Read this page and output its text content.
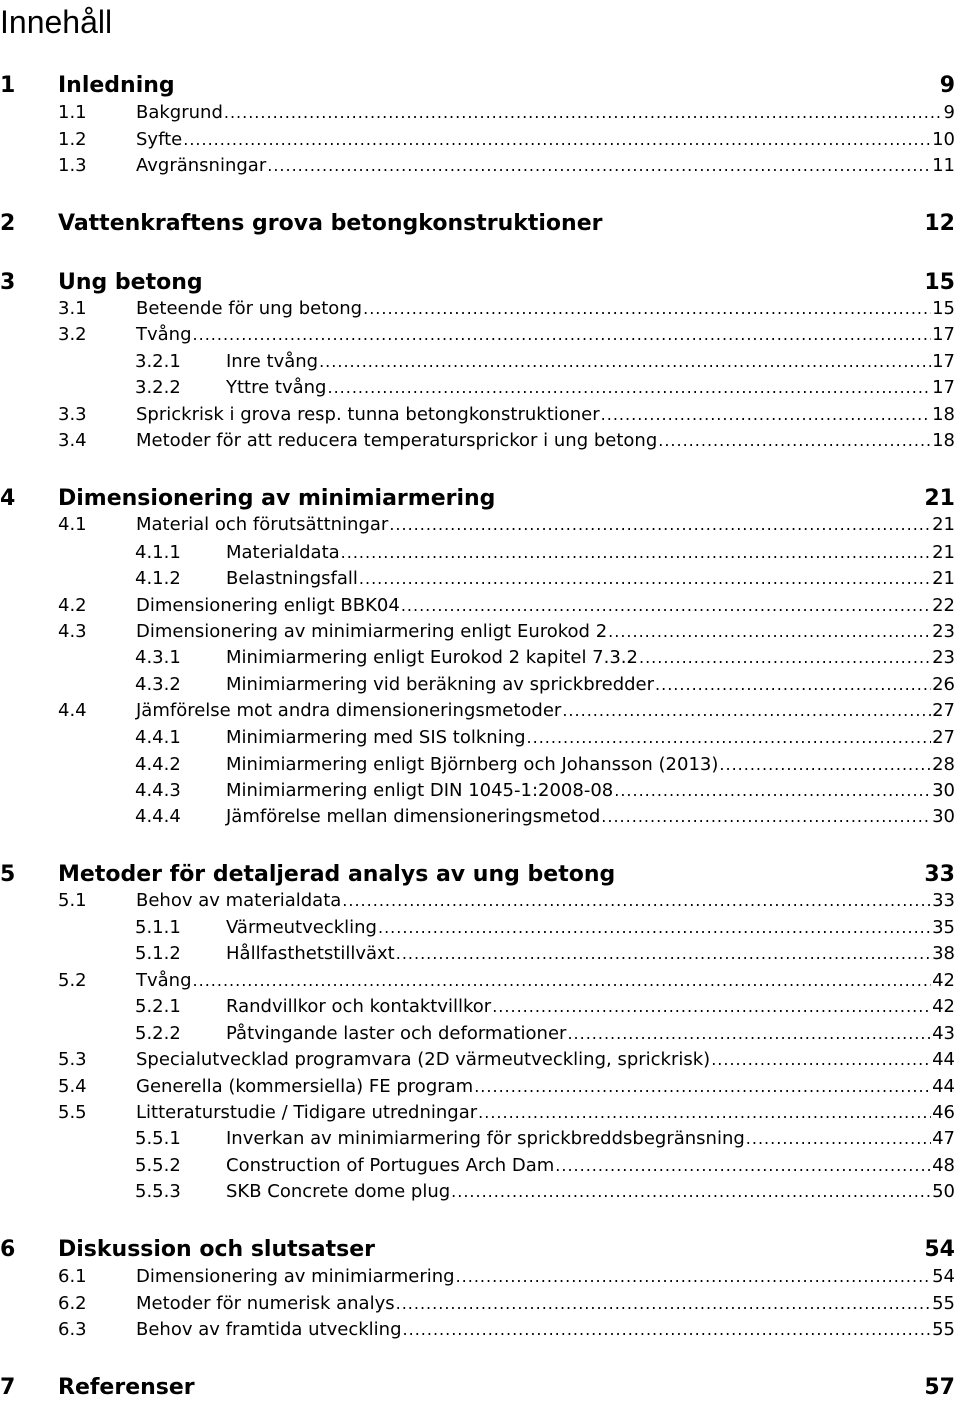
Innehåll
1	Inledning	9
1.1	Bakgrund .....	9
1.2	Syfte .....	10
1.3	Avgränsningar .....	11
2	Vattenkraftens grova betongkonstruktioner	12
3	Ung betong	15
3.1	Beteende för ung betong .....	15
3.2	Tvång .....	17
3.2.1	Inre tvång .....	17
3.2.2	Yttre tvång .....	17
3.3	Sprickrisk i grova resp. tunna betongkonstruktioner .....	18
3.4	Metoder för att reducera temperatursprickor i ung betong .....	18
4	Dimensionering av minimiarmering	21
4.1	Material och förutsättningar .....	21
4.1.1	Materialdata .....	21
4.1.2	Belastningsfall .....	21
4.2	Dimensionering enligt BBK04 .....	22
4.3	Dimensionering av minimiarmering enligt Eurokod 2 .....	23
4.3.1	Minimiarmering enligt Eurokod 2 kapitel 7.3.2 .....	23
4.3.2	Minimiarmering vid beräkning av sprickbredder .....	26
4.4	Jämförelse mot andra dimensioneringsmetoder .....	27
4.4.1	Minimiarmering med SIS tolkning .....	27
4.4.2	Minimiarmering enligt Björnberg och Johansson (2013) .....	28
4.4.3	Minimiarmering enligt DIN 1045-1:2008-08 .....	30
4.4.4	Jämförelse mellan dimensioneringsmetod .....	30
5	Metoder för detaljerad analys av ung betong	33
5.1	Behov av materialdata .....	33
5.1.1	Värmeutveckling .....	35
5.1.2	Hållfasthetstillväxt .....	38
5.2	Tvång .....	42
5.2.1	Randvillkor och kontaktvillkor .....	42
5.2.2	Påtvingande laster och deformationer .....	43
5.3	Specialutvecklad programvara (2D värmeutveckling, sprickrisk) .....	44
5.4	Generella (kommersiella) FE program .....	44
5.5	Litteraturstudie / Tidigare utredningar .....	46
5.5.1	Inverkan av minimiarmering för sprickbreddsbegränsning .....	47
5.5.2	Construction of Portugues Arch Dam .....	48
5.5.3	SKB Concrete dome plug .....	50
6	Diskussion och slutsatser	54
6.1	Dimensionering av minimiarmering .....	54
6.2	Metoder för numerisk analys .....	55
6.3	Behov av framtida utveckling .....	55
7	Referenser	57
